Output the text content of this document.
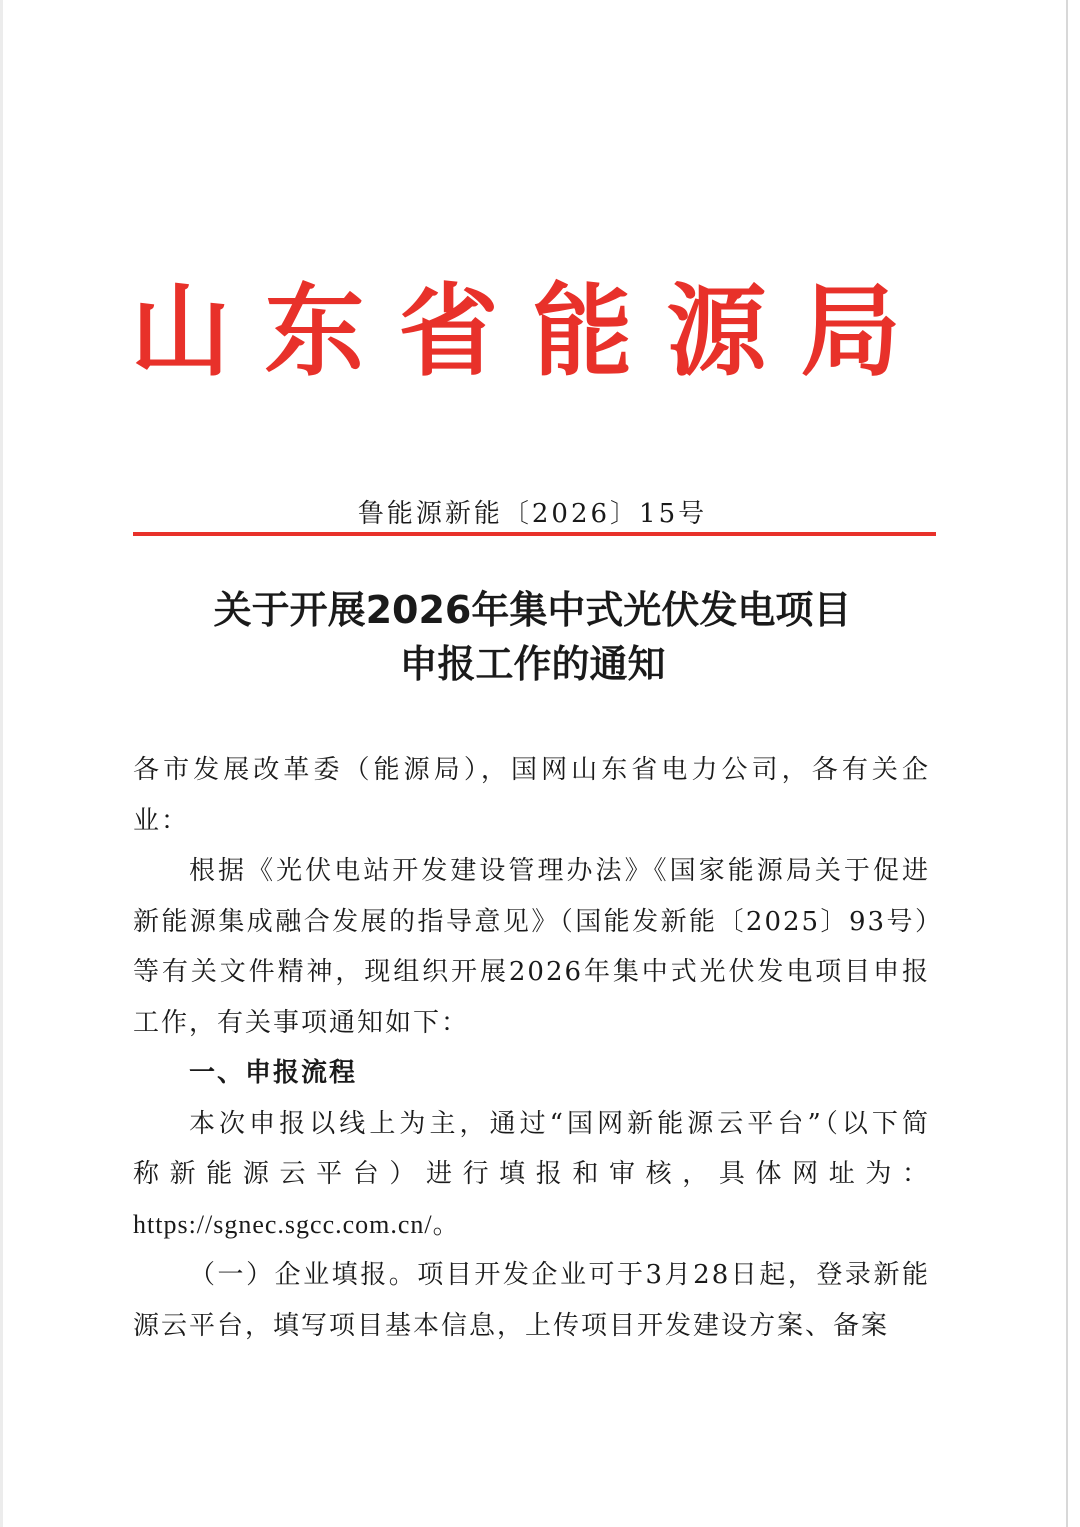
山东省能源局
鲁能源新能〔2026〕15号
关于开展2026年集中式光伏发电项目
申报工作的通知

各市发展改革委（能源局），国网山东省电力公司，各有关企业：

根据《光伏电站开发建设管理办法》《国家能源局关于促进新能源集成融合发展的指导意见》（国能发新能〔2025〕93号）等有关文件精神，现组织开展2026年集中式光伏发电项目申报工作，有关事项通知如下：

一、申报流程

本次申报以线上为主，通过“国网新能源云平台”（以下简

称新能源云平台）进行填报和审核，具体网址为：

https://sgnec.sgcc.com.cn/。

（一）企业填报。项目开发企业可于3月28日起，登录新能源云平台，填写项目基本信息，上传项目开发建设方案、备案
